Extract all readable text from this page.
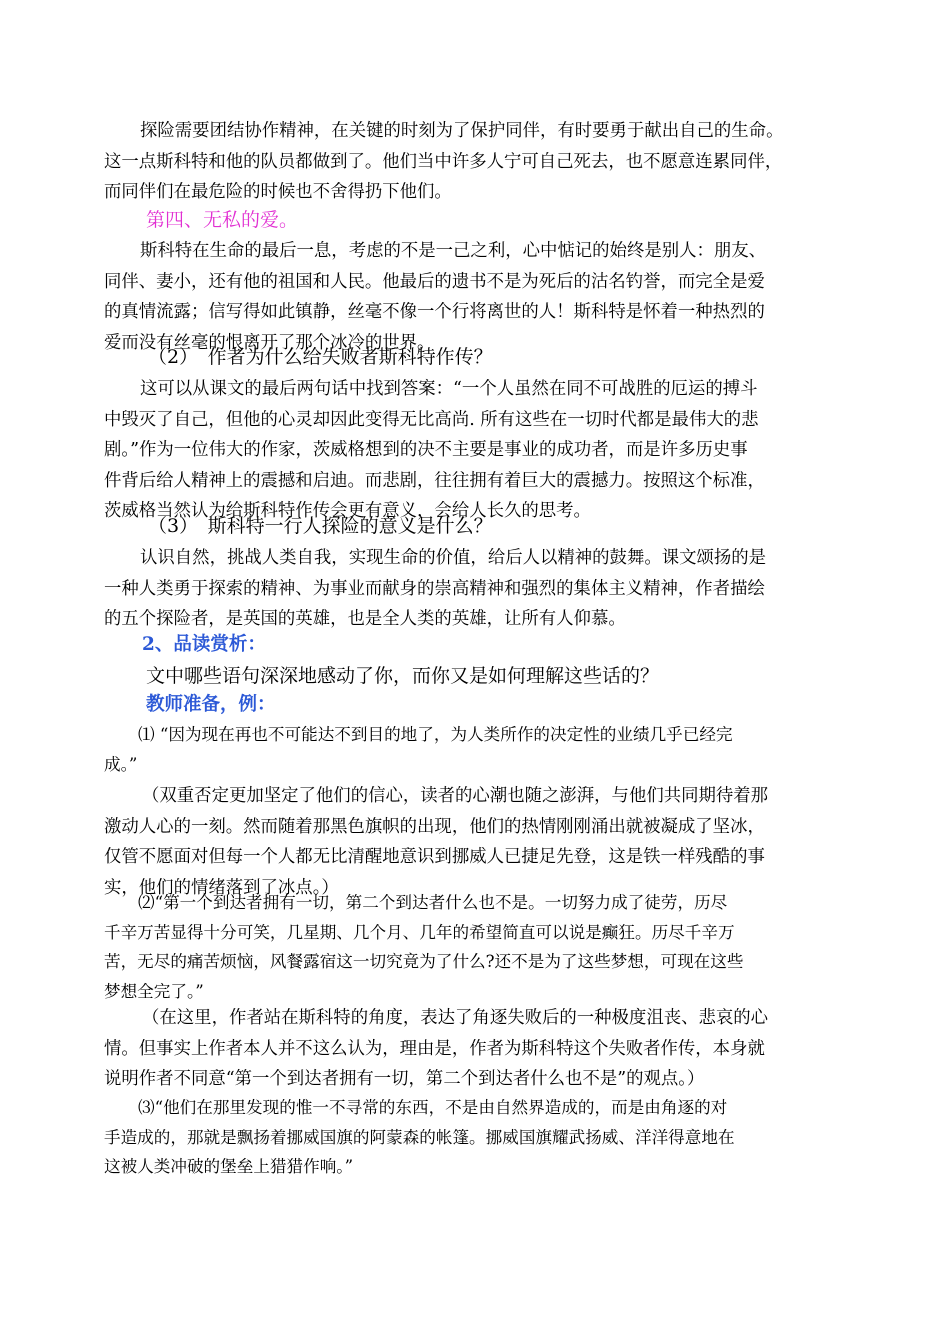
探险需要团结协作精神，在关键的时刻为了保护同伴，有时要勇于献出自己的生命。
这一点斯科特和他的队员都做到了。他们当中许多人宁可自己死去，也不愿意连累同伴，
而同伴们在最危险的时候也不舍得扔下他们。
第四、无私的爱。
斯科特在生命的最后一息，考虑的不是一己之利，心中惦记的始终是别人：朋友、
同伴、妻小，还有他的祖国和人民。他最后的遗书不是为死后的沽名钓誉，而完全是爱
的真情流露；信写得如此镇静，丝毫不像一个行将离世的人！斯科特是怀着一种热烈的
爱而没有丝毫的恨离开了那个冰冷的世界。
（2）　作者为什么给失败者斯科特作传？
这可以从课文的最后两句话中找到答案：“一个人虽然在同不可战胜的厄运的搏斗
中毁灭了自己，但他的心灵却因此变得无比高尚. 所有这些在一切时代都是最伟大的悲
剧。”作为一位伟大的作家，茨威格想到的决不主要是事业的成功者，而是许多历史事
件背后给人精神上的震撼和启迪。而悲剧，往往拥有着巨大的震撼力。按照这个标准，
茨威格当然认为给斯科特作传会更有意义，会给人长久的思考。
（3）　斯科特一行人探险的意义是什么？
认识自然，挑战人类自我，实现生命的价值，给后人以精神的鼓舞。课文颂扬的是
一种人类勇于探索的精神、为事业而献身的崇高精神和强烈的集体主义精神，作者描绘
的五个探险者，是英国的英雄，也是全人类的英雄，让所有人仰慕。
2、品读赏析：
文中哪些语句深深地感动了你，而你又是如何理解这些话的？
教师准备，例：
⑴ “因为现在再也不可能达不到目的地了，为人类所作的决定性的业绩几乎已经完
成。”
（双重否定更加坚定了他们的信心，读者的心潮也随之澎湃，与他们共同期待着那
激动人心的一刻。然而随着那黑色旗帜的出现，他们的热情刚刚涌出就被凝成了坚冰，
仅管不愿面对但每一个人都无比清醒地意识到挪威人已捷足先登，这是铁一样残酷的事
实，他们的情绪落到了冰点。）
⑵“第一个到达者拥有一切，第二个到达者什么也不是。一切努力成了徒劳，历尽
千辛万苦显得十分可笑，几星期、几个月、几年的希望简直可以说是癫狂。历尽千辛万
苦，无尽的痛苦烦恼，风餐露宿这一切究竟为了什么?还不是为了这些梦想，可现在这些
梦想全完了。”
（在这里，作者站在斯科特的角度，表达了角逐失败后的一种极度沮丧、悲哀的心
情。但事实上作者本人并不这么认为，理由是，作者为斯科特这个失败者作传，本身就
说明作者不同意“第一个到达者拥有一切，第二个到达者什么也不是”的观点。）
⑶“他们在那里发现的惟一不寻常的东西，不是由自然界造成的，而是由角逐的对
手造成的，那就是飘扬着挪威国旗的阿蒙森的帐篷。挪威国旗耀武扬威、洋洋得意地在
这被人类冲破的堡垒上猎猎作响。”
